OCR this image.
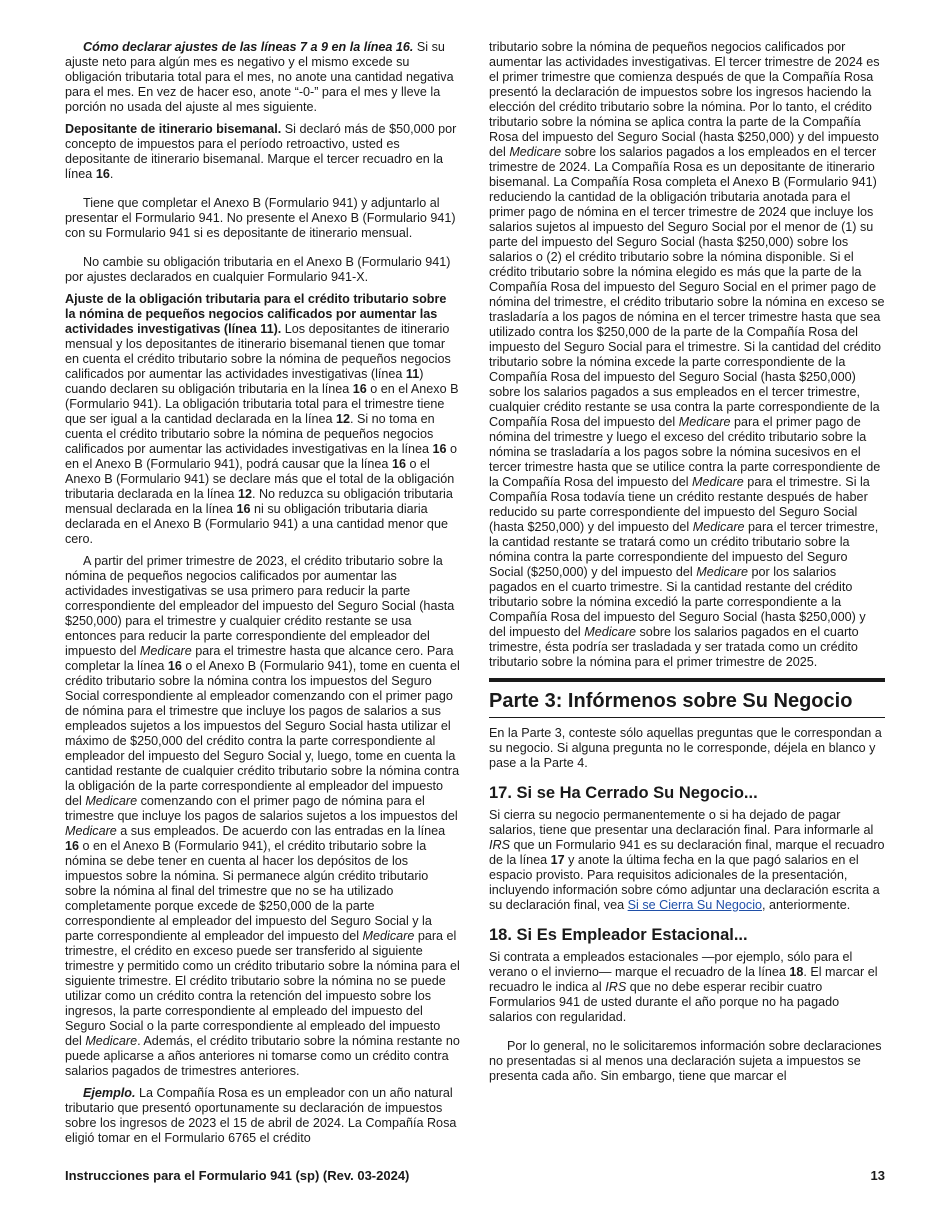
Cómo declarar ajustes de las líneas 7 a 9 en la línea 16. Si su ajuste neto para algún mes es negativo y el mismo excede su obligación tributaria total para el mes, no anote una cantidad negativa para el mes. En vez de hacer eso, anote “-0-” para el mes y lleve la porción no usada del ajuste al mes siguiente.

Depositante de itinerario bisemanal. Si declaró más de $50,000 por concepto de impuestos para el período retroactivo, usted es depositante de itinerario bisemanal. Marque el tercer recuadro en la línea 16.

Tiene que completar el Anexo B (Formulario 941) y adjuntarlo al presentar el Formulario 941. No presente el Anexo B (Formulario 941) con su Formulario 941 si es depositante de itinerario mensual.

No cambie su obligación tributaria en el Anexo B (Formulario 941) por ajustes declarados en cualquier Formulario 941-X.

Ajuste de la obligación tributaria para el crédito tributario sobre la nómina de pequeños negocios calificados por aumentar las actividades investigativas (línea 11). Los depositantes de itinerario mensual y los depositantes de itinerario bisemanal tienen que tomar en cuenta el crédito tributario sobre la nómina de pequeños negocios calificados por aumentar las actividades investigativas (línea 11) cuando declaren su obligación tributaria en la línea 16 o en el Anexo B (Formulario 941). La obligación tributaria total para el trimestre tiene que ser igual a la cantidad declarada en la línea 12. Si no toma en cuenta el crédito tributario sobre la nómina de pequeños negocios calificados por aumentar las actividades investigativas en la línea 16 o en el Anexo B (Formulario 941), podrá causar que la línea 16 o el Anexo B (Formulario 941) se declare más que el total de la obligación tributaria declarada en la línea 12. No reduzca su obligación tributaria mensual declarada en la línea 16 ni su obligación tributaria diaria declarada en el Anexo B (Formulario 941) a una cantidad menor que cero.

A partir del primer trimestre de 2023, el crédito tributario sobre la nómina de pequeños negocios calificados por aumentar las actividades investigativas se usa primero para reducir la parte correspondiente del empleador del impuesto del Seguro Social (hasta $250,000) para el trimestre y cualquier crédito restante se usa entonces para reducir la parte correspondiente del empleador del impuesto del Medicare para el trimestre hasta que alcance cero. Para completar la línea 16 o el Anexo B (Formulario 941), tome en cuenta el crédito tributario sobre la nómina contra los impuestos del Seguro Social correspondiente al empleador comenzando con el primer pago de nómina para el trimestre que incluye los pagos de salarios a sus empleados sujetos a los impuestos del Seguro Social hasta utilizar el máximo de $250,000 del crédito contra la parte correspondiente al empleador del impuesto del Seguro Social y, luego, tome en cuenta la cantidad restante de cualquier crédito tributario sobre la nómina contra la obligación de la parte correspondiente al empleador del impuesto del Medicare comenzando con el primer pago de nómina para el trimestre que incluye los pagos de salarios sujetos a los impuestos del Medicare a sus empleados. De acuerdo con las entradas en la línea 16 o en el Anexo B (Formulario 941), el crédito tributario sobre la nómina se debe tener en cuenta al hacer los depósitos de los impuestos sobre la nómina. Si permanece algún crédito tributario sobre la nómina al final del trimestre que no se ha utilizado completamente porque excede de $250,000 de la parte correspondiente al empleador del impuesto del Seguro Social y la parte correspondiente al empleador del impuesto del Medicare para el trimestre, el crédito en exceso puede ser transferido al siguiente trimestre y permitido como un crédito tributario sobre la nómina para el siguiente trimestre. El crédito tributario sobre la nómina no se puede utilizar como un crédito contra la retención del impuesto sobre los ingresos, la parte correspondiente al empleado del impuesto del Seguro Social o la parte correspondiente al empleado del impuesto del Medicare. Además, el crédito tributario sobre la nómina restante no puede aplicarse a años anteriores ni tomarse como un crédito contra salarios pagados de trimestres anteriores.

Ejemplo. La Compañía Rosa es un empleador con un año natural tributario que presentó oportunamente su declaración de impuestos sobre los ingresos de 2023 el 15 de abril de 2024. La Compañía Rosa eligió tomar en el Formulario 6765 el crédito

tributario sobre la nómina de pequeños negocios calificados por aumentar las actividades investigativas. El tercer trimestre de 2024 es el primer trimestre que comienza después de que la Compañía Rosa presentó la declaración de impuestos sobre los ingresos haciendo la elección del crédito tributario sobre la nómina. Por lo tanto, el crédito tributario sobre la nómina se aplica contra la parte de la Compañía Rosa del impuesto del Seguro Social (hasta $250,000) y del impuesto del Medicare sobre los salarios pagados a los empleados en el tercer trimestre de 2024. La Compañía Rosa es un depositante de itinerario bisemanal. La Compañía Rosa completa el Anexo B (Formulario 941) reduciendo la cantidad de la obligación tributaria anotada para el primer pago de nómina en el tercer trimestre de 2024 que incluye los salarios sujetos al impuesto del Seguro Social por el menor de (1) su parte del impuesto del Seguro Social (hasta $250,000) sobre los salarios o (2) el crédito tributario sobre la nómina disponible. Si el crédito tributario sobre la nómina elegido es más que la parte de la Compañía Rosa del impuesto del Seguro Social en el primer pago de nómina del trimestre, el crédito tributario sobre la nómina en exceso se trasladaría a los pagos de nómina en el tercer trimestre hasta que sea utilizado contra los $250,000 de la parte de la Compañía Rosa del impuesto del Seguro Social para el trimestre. Si la cantidad del crédito tributario sobre la nómina excede la parte correspondiente de la Compañía Rosa del impuesto del Seguro Social (hasta $250,000) sobre los salarios pagados a sus empleados en el tercer trimestre, cualquier crédito restante se usa contra la parte correspondiente de la Compañía Rosa del impuesto del Medicare para el primer pago de nómina del trimestre y luego el exceso del crédito tributario sobre la nómina se trasladaría a los pagos sobre la nómina sucesivos en el tercer trimestre hasta que se utilice contra la parte correspondiente de la Compañía Rosa del impuesto del Medicare para el trimestre. Si la Compañía Rosa todavía tiene un crédito restante después de haber reducido su parte correspondiente del impuesto del Seguro Social (hasta $250,000) y del impuesto del Medicare para el tercer trimestre, la cantidad restante se tratará como un crédito tributario sobre la nómina contra la parte correspondiente del impuesto del Seguro Social ($250,000) y del impuesto del Medicare por los salarios pagados en el cuarto trimestre. Si la cantidad restante del crédito tributario sobre la nómina excedió la parte correspondiente a la Compañía Rosa del impuesto del Seguro Social (hasta $250,000) y del impuesto del Medicare sobre los salarios pagados en el cuarto trimestre, ésta podría ser trasladada y ser tratada como un crédito tributario sobre la nómina para el primer trimestre de 2025.

Parte 3: Infórmenos sobre Su Negocio

En la Parte 3, conteste sólo aquellas preguntas que le correspondan a su negocio. Si alguna pregunta no le corresponde, déjela en blanco y pase a la Parte 4.

17. Si se Ha Cerrado Su Negocio...

Si cierra su negocio permanentemente o si ha dejado de pagar salarios, tiene que presentar una declaración final. Para informarle al IRS que un Formulario 941 es su declaración final, marque el recuadro de la línea 17 y anote la última fecha en la que pagó salarios en el espacio provisto. Para requisitos adicionales de la presentación, incluyendo información sobre cómo adjuntar una declaración escrita a su declaración final, vea Si se Cierra Su Negocio, anteriormente.

18. Si Es Empleador Estacional...

Si contrata a empleados estacionales —por ejemplo, sólo para el verano o el invierno— marque el recuadro de la línea 18. El marcar el recuadro le indica al IRS que no debe esperar recibir cuatro Formularios 941 de usted durante el año porque no ha pagado salarios con regularidad.

Por lo general, no le solicitaremos información sobre declaraciones no presentadas si al menos una declaración sujeta a impuestos se presenta cada año. Sin embargo, tiene que marcar el

Instrucciones para el Formulario 941 (sp) (Rev. 03-2024)	13
